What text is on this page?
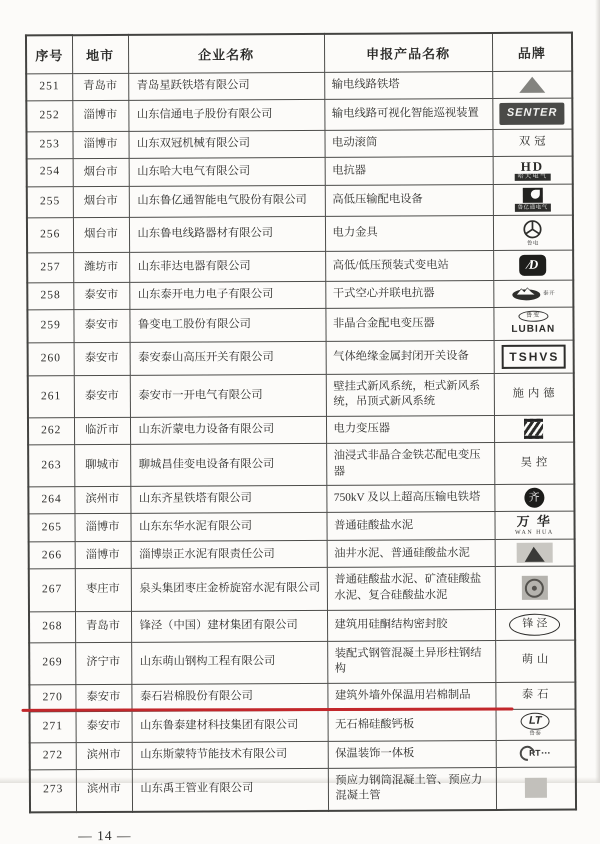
序号	地市	企业名称	申报产品名称	品牌
251	青岛市	青岛星跃铁塔有限公司	输电线路铁塔	

252	淄博市	山东信通电子股份有限公司	输电线路可视化智能巡视装置	SENTER
253	淄博市	山东双冠机械有限公司	电动滚筒	双冠

254	烟台市	山东哈大电气有限公司	电抗器	HD
哈大电气

255	烟台市	山东鲁亿通智能电气股份有限公司	高低压输配电设备	鲁亿通电气

256	烟台市	山东鲁电线路器材有限公司	电力金具	鲁电

257	潍坊市	山东菲达电器有限公司	高低/低压预装式变电站	⁄ D
258	泰安市	山东泰开电力电子有限公司	干式空心并联电抗器	泰开

259	泰安市	鲁变电工股份有限公司	非晶合金配电变压器	鲁变
LUBIAN

260	泰安市	泰安泰山高压开关有限公司	气体绝缘金属封闭开关设备	TSHVS
261	泰安市	泰安市一开电气有限公司	壁挂式新风系统，柜式新风系统，吊顶式新风系统	施内德

262	临沂市	山东沂蒙电力设备有限公司	电力变压器	

263	聊城市	聊城昌佳变电设备有限公司	油浸式非晶合金铁芯配电变压器	昊控

264	滨州市	山东齐星铁塔有限公司	750kV 及以上超高压输电铁塔	齐

265	淄博市	山东东华水泥有限公司	普通硅酸盐水泥	万 华
WAN HUA

266	淄博市	淄博崇正水泥有限责任公司	油井水泥、普通硅酸盐水泥	

267	枣庄市	泉头集团枣庄金桥旋窑水泥有限公司	普通硅酸盐水泥、矿渣硅酸盐水泥、复合硅酸盐水泥	

268	青岛市	锋泾（中国）建材集团有限公司	建筑用硅酮结构密封胶	锋泾
269	济宁市	山东萌山钢构工程有限公司	装配式钢管混凝土异形柱钢结构	萌山

270	泰安市	泰石岩棉股份有限公司	建筑外墙外保温用岩棉制品	泰石

271	泰安市	山东鲁泰建材科技集团有限公司	无石棉硅酸钙板	LT
鲁泰

272	滨州市	山东斯蒙特节能技术有限公司	保温装饰一体板	RT ▪▪▪

273	滨州市	山东禹王管业有限公司	预应力钢筒混凝土管、预应力混凝土管	
— 14 —
